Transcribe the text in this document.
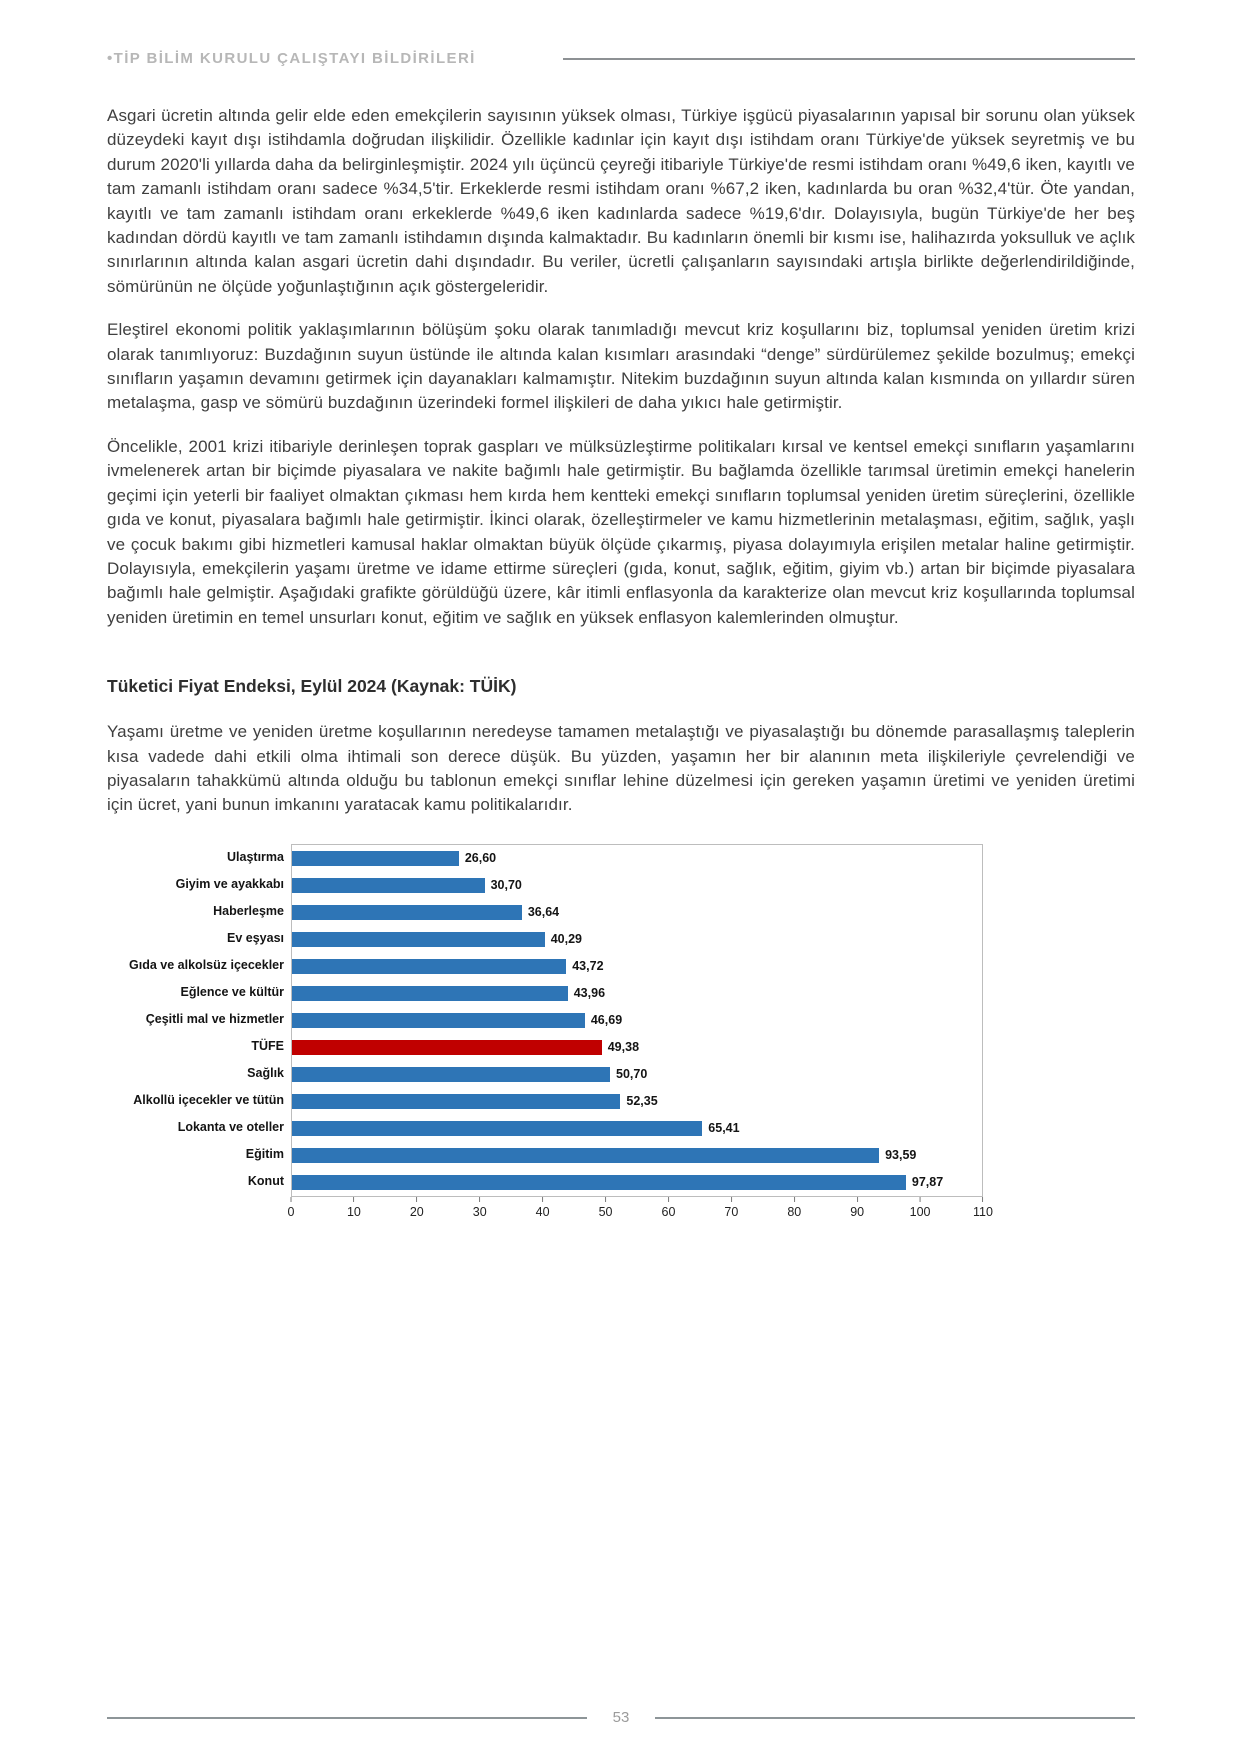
•TİP BİLİM KURULU ÇALIŞTAYI BİLDİRİLERİ

Asgari ücretin altında gelir elde eden emekçilerin sayısının yüksek olması, Türkiye işgücü piyasalarının yapısal bir sorunu olan yüksek düzeydeki kayıt dışı istihdamla doğrudan ilişkilidir. Özellikle kadınlar için kayıt dışı istihdam oranı Türkiye'de yüksek seyretmiş ve bu durum 2020'li yıllarda daha da belirginleşmiştir. 2024 yılı üçüncü çeyreği itibariyle Türkiye'de resmi istihdam oranı %49,6 iken, kayıtlı ve tam zamanlı istihdam oranı sadece %34,5'tir. Erkeklerde resmi istihdam oranı %67,2 iken, kadınlarda bu oran %32,4'tür. Öte yandan, kayıtlı ve tam zamanlı istihdam oranı erkeklerde %49,6 iken kadınlarda sadece %19,6'dır. Dolayısıyla, bugün Türkiye'de her beş kadından dördü kayıtlı ve tam zamanlı istihdamın dışında kalmaktadır. Bu kadınların önemli bir kısmı ise, halihazırda yoksulluk ve açlık sınırlarının altında kalan asgari ücretin dahi dışındadır. Bu veriler, ücretli çalışanların sayısındaki artışla birlikte değerlendirildiğinde, sömürünün ne ölçüde yoğunlaştığının açık göstergeleridir.

Eleştirel ekonomi politik yaklaşımlarının bölüşüm şoku olarak tanımladığı mevcut kriz koşullarını biz, toplumsal yeniden üretim krizi olarak tanımlıyoruz: Buzdağının suyun üstünde ile altında kalan kısımları arasındaki “denge” sürdürülemez şekilde bozulmuş; emekçi sınıfların yaşamın devamını getirmek için dayanakları kalmamıştır. Nitekim buzdağının suyun altında kalan kısmında on yıllardır süren metalaşma, gasp ve sömürü buzdağının üzerindeki formel ilişkileri de daha yıkıcı hale getirmiştir.

Öncelikle, 2001 krizi itibariyle derinleşen toprak gaspları ve mülksüzleştirme politikaları kırsal ve kentsel emekçi sınıfların yaşamlarını ivmelenerek artan bir biçimde piyasalara ve nakite bağımlı hale getirmiştir. Bu bağlamda özellikle tarımsal üretimin emekçi hanelerin geçimi için yeterli bir faaliyet olmaktan çıkması hem kırda hem kentteki emekçi sınıfların toplumsal yeniden üretim süreçlerini, özellikle gıda ve konut, piyasalara bağımlı hale getirmiştir. İkinci olarak, özelleştirmeler ve kamu hizmetlerinin metalaşması, eğitim, sağlık, yaşlı ve çocuk bakımı gibi hizmetleri kamusal haklar olmaktan büyük ölçüde çıkarmış, piyasa dolayımıyla erişilen metalar haline getirmiştir. Dolayısıyla, emekçilerin yaşamı üretme ve idame ettirme süreçleri (gıda, konut, sağlık, eğitim, giyim vb.) artan bir biçimde piyasalara bağımlı hale gelmiştir. Aşağıdaki grafikte görüldüğü üzere, kâr itimli enflasyonla da karakterize olan mevcut kriz koşullarında toplumsal yeniden üretimin en temel unsurları konut, eğitim ve sağlık en yüksek enflasyon kalemlerinden olmuştur.

Tüketici Fiyat Endeksi, Eylül 2024 (Kaynak: TÜİK)

Yaşamı üretme ve yeniden üretme koşullarının neredeyse tamamen metalaştığı ve piyasalaştığı bu dönemde parasallaşmış taleplerin kısa vadede dahi etkili olma ihtimali son derece düşük. Bu yüzden, yaşamın her bir alanının meta ilişkileriyle çevrelendiği ve piyasaların tahakkümü altında olduğu bu tablonun emekçi sınıflar lehine düzelmesi için gereken yaşamın üretimi ve yeniden üretimi için ücret, yani bunun imkanını yaratacak kamu politikalarıdır.

Ulaştırma
Giyim ve ayakkabı
Haberleşme
Ev eşyası
Gıda ve alkolsüz içecekler
Eğlence ve kültür
Çeşitli mal ve hizmetler
TÜFE
Sağlık
Alkollü içecekler ve tütün
Lokanta ve oteller
Eğitim
Konut
26,60
30,70
36,64
40,29
43,72
43,96
46,69
49,38
50,70
52,35
65,41
93,59
97,87
0	10	20	30	40	50	60	70	80	90	100	110
53
